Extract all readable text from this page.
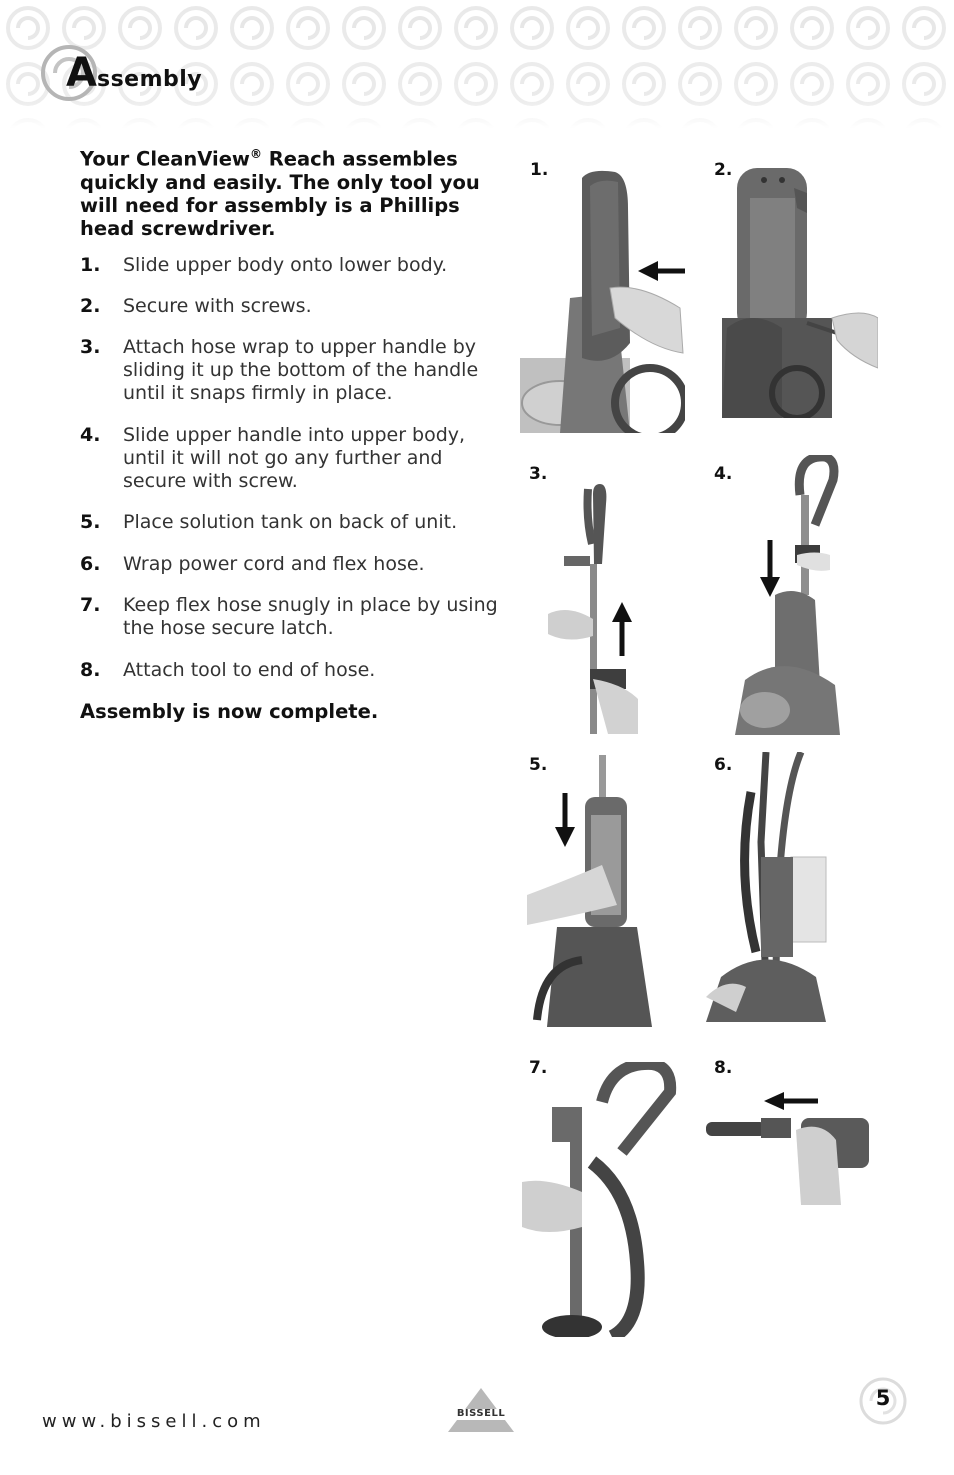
Assembly

Your CleanView® Reach assembles quickly and easily. The only tool you will need for assembly is a Phillips head screwdriver.

1. Slide upper body onto lower body.
2. Secure with screws.
3. Attach hose wrap to upper handle by sliding it up the bottom of the handle until it snaps firmly in place.
4. Slide upper handle into upper body, until it will not go any further and secure with screw.
5. Place solution tank on back of unit.
6. Wrap power cord and flex hose.
7. Keep flex hose snugly in place by using the hose secure latch.
8. Attach tool to end of hose.
Assembly is now complete.
1.	2.
3.	4.
5.	6.
7.	8.
www.bissell.com	BISSELL
5
